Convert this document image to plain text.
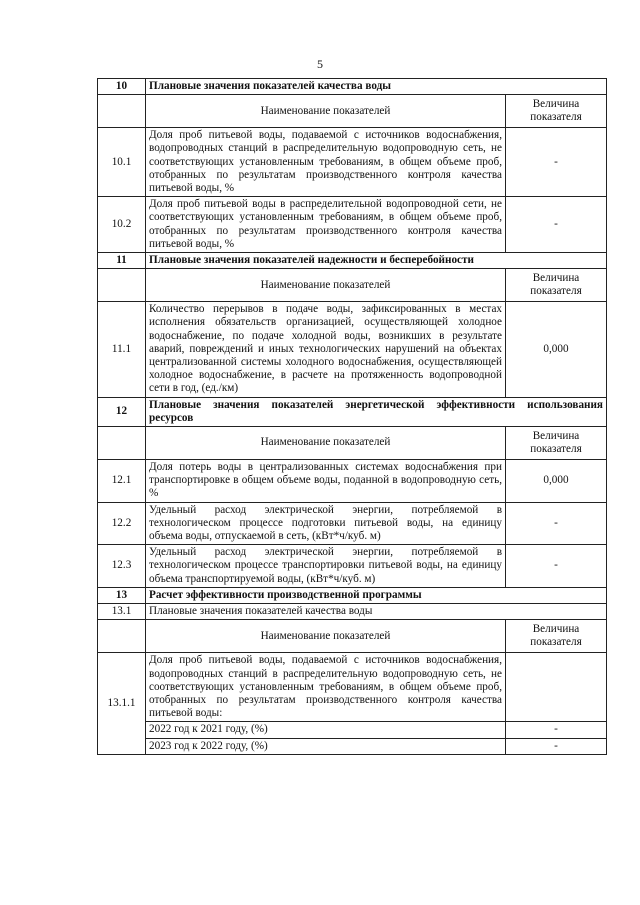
5
10	Плановые значения показателей качества воды	
	Наименование показателей	Величина показателя
10.1	Доля проб питьевой воды, подаваемой с источников водоснабжения, водопроводных станций в распределительную водопроводную сеть, не соответствующих установленным требованиям, в общем объеме проб, отобранных по результатам производственного контроля качества питьевой воды, %	-
10.2	Доля проб питьевой воды в распределительной водопроводной сети, не соответствующих установленным требованиям, в общем объеме проб, отобранных по результатам производственного контроля качества питьевой воды, %	-
11	Плановые значения показателей надежности и бесперебойности	
	Наименование показателей	Величина показателя
11.1	Количество перерывов в подаче воды, зафиксированных в местах исполнения обязательств организацией, осуществляющей холодное водоснабжение, по подаче холодной воды, возникших в результате аварий, повреждений и иных технологических нарушений на объектах централизованной системы холодного водоснабжения, осуществляющей холодное водоснабжение, в расчете на протяженность водопроводной сети в год, (ед./км)	0,000
12	Плановые значения показателей энергетической эффективности использования ресурсов	
	Наименование показателей	Величина показателя
12.1	Доля потерь воды в централизованных системах водоснабжения при транспортировке в общем объеме воды, поданной в водопроводную сеть, %	0,000
12.2	Удельный расход электрической энергии, потребляемой в технологическом процессе подготовки питьевой воды, на единицу объема воды, отпускаемой в сеть, (кВт*ч/куб. м)	-
12.3	Удельный расход электрической энергии, потребляемой в технологическом процессе транспортировки питьевой воды, на единицу объема транспортируемой воды, (кВт*ч/куб. м)	-
13	Расчет эффективности производственной программы	
13.1	Плановые значения показателей качества воды	
	Наименование показателей	Величина показателя
13.1.1	Доля проб питьевой воды, подаваемой с источников водоснабжения, водопроводных станций в распределительную водопроводную сеть, не соответствующих установленным требованиям, в общем объеме проб, отобранных по результатам производственного контроля качества питьевой воды:	
	2022 год к 2021 году, (%)	-
	2023 год к 2022 году, (%)	-
